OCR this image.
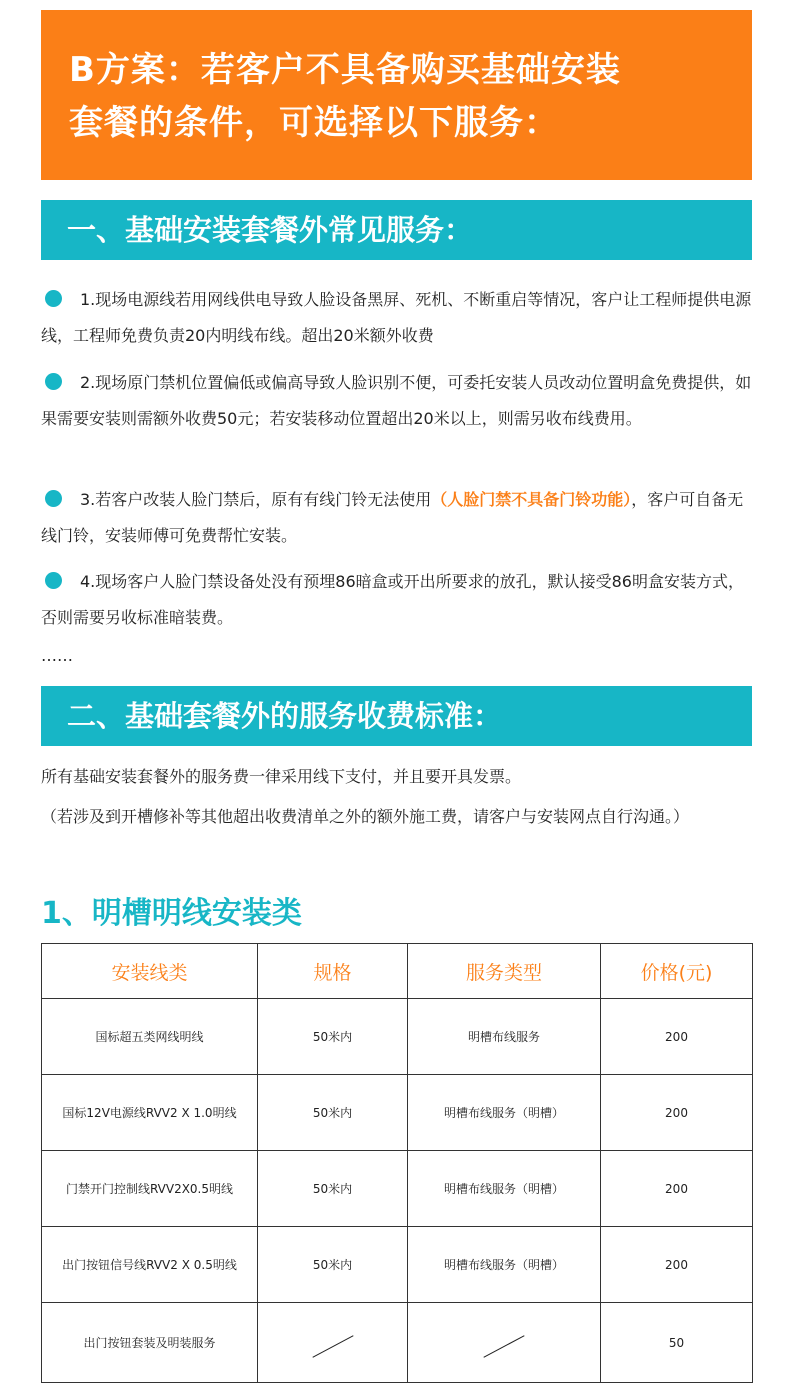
B方案：若客户不具备购买基础安装
套餐的条件，可选择以下服务：
一、基础安装套餐外常见服务：
1.现场电源线若用网线供电导致人脸设备黑屏、死机、不断重启等情况，客户让工程师提供电源线，工程师免费负责20内明线布线。超出20米额外收费
2.现场原门禁机位置偏低或偏高导致人脸识别不便，可委托安装人员改动位置明盒免费提供，如果需要安装则需额外收费50元；若安装移动位置超出20米以上，则需另收布线费用。
3.若客户改装人脸门禁后，原有有线门铃无法使用（人脸门禁不具备门铃功能），客户可自备无线门铃，安装师傅可免费帮忙安装。
4.现场客户人脸门禁设备处没有预埋86暗盒或开出所要求的放孔，默认接受86明盒安装方式，否则需要另收标准暗装费。
……
二、基础套餐外的服务收费标准：
所有基础安装套餐外的服务费一律采用线下支付，并且要开具发票。
（若涉及到开槽修补等其他超出收费清单之外的额外施工费，请客户与安装网点自行沟通。）
1、明槽明线安装类
安装线类	规格	服务类型	价格(元)
国标超五类网线明线	50米内	明槽布线服务	200
国标12V电源线RVV2 X 1.0明线	50米内	明槽布线服务（明槽）	200
门禁开门控制线RVV2X0.5明线	50米内	明槽布线服务（明槽）	200
出门按钮信号线RVV2 X 0.5明线	50米内	明槽布线服务（明槽）	200
出门按钮套装及明装服务			50
